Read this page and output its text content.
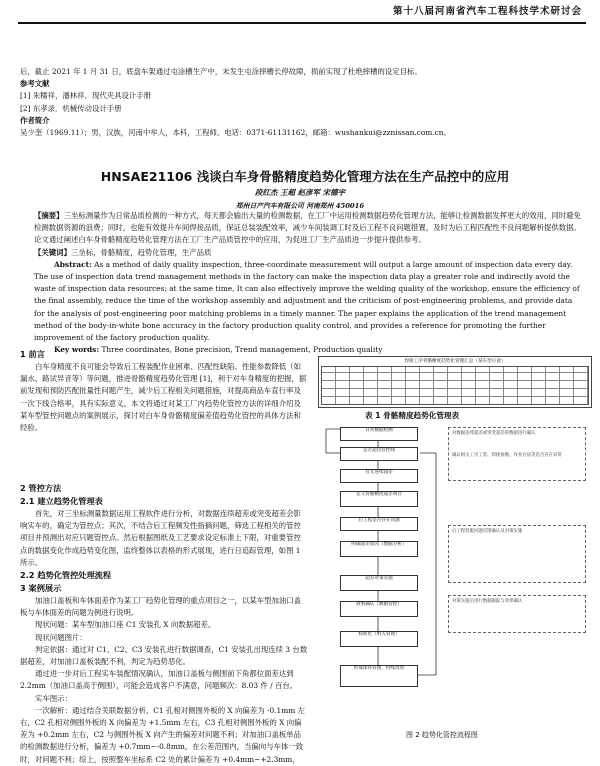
第十八届河南省汽车工程科技学术研讨会

后，截止 2021 年 1 月 31 日，底盘车架通过屯涂槽生产中，未发生屯涂摔槽长停故障，损前实现了杜绝摔槽的设定目标。

参考文献

[1] 朱糯祥，潘林祥．现代夹具设计手册

[2] 东孝录．机械传动设计手册

作者简介

吴少奎（1969.11）；男，汉族，河南中牟人，本科，工程师。电话：0371-61131162，邮箱：wushankui@zznissan.com.cn。

HNSAE21106 浅谈白车身骨骼精度趋势化管理方法在生产品控中的应用
段红杰 王超 赵彦军 宋德宇
郑州日产汽车有限公司 河南郑州 450016

【摘要】三坐标测量作为日常品质检测的一种方式，每天都会输出大量的检测数据，在工厂中运用检测数据趋势化管理方法，能够让检测数据发挥更大的效用，同时避免检测数据资源的浪费；同时，也能有效提升车间焊接品质，保证总装装配效率，减少车间装调工时及后工程不良问题措置，及时为后工程匹配性不良问题解析提供数据。论文通过阐述白车身骨骼精度趋势化管理方法在工厂生产品质管控中的应用，为促进工厂生产品质进一步提升提供参考。

【关键词】三坐标，骨骼精度，趋势化管理，生产品质

Abstract: As a method of daily quality inspection, three-coordinate measurement will output a large amount of inspection data every day. The use of inspection data trend management methods in the factory can make the inspection data play a greater role and indirectly avoid the waste of inspection data resources; at the same time, It can also effectively improve the welding quality of the workshop, ensure the efficiency of the final assembly, reduce the time of the workshop assembly and adjustment and the criticism of post-engineering problems, and provide data for the analysis of post-engineering poor matching problems in a timely manner. The paper explains the application of the trend management method of the body-in-white bone accuracy in the factory production quality control, and provides a reference for promoting the further improvement of the factory production quality.

Key words: Three coordinates, Bone precision, Trend management, Production quality

1 前言

白车身精度不良可能会导致后工程装配作业困难、匹配性缺陷、性能参数降低（如漏水、路试异音等）等问题，推进骨骼精度趋势化管理 [1]，利于对车身精度的把握，据前发现和预防匹配批量性问题产生，减少后工程相关问题措施，对提高商品车直行率及一次下线合格率，具有实际意义。本文将通过对某工厂内趋势化管控方法的详细介绍及某车型管控问题点的案例展示，探讨对白车身骨骼精度偏差值趋势化管控的具体方法和经验。

焊接工序骨骼精度趋势化管理汇总（某车型示意）
表 1 骨骼精度趋势化管理表

2 管控方法

2.1 建立趋势化管理表

首先，对三坐标测量数据运用工程软件进行分析，对数据连续超差或突变超差会影响实车的，确定为管控点；其次，不结合后工程频发性指摘问题，筛选工程相关的管控项目并预测出对应只题管控点。然后根据图纸及工艺要求设定标准上下限，对重要管控点的数据变化作成趋势变化图，监终整体以表格的形式展现，进行日追踪管理，如图 1 所示。

2.2 趋势化管控处理流程

3 案例展示

加油口盖板和车体面差作为某工厂趋势化管理的重点项目之一，以某车型加油口盖板与车体面差的问题为例进行说明。

现状问题：某车型加油口座 C1 安装孔 X 向数据超差。

现状问题图片：

判定依据：通过对 C1、C2、C3 安装孔进行数据调查，C1 安装孔出现连续 3 台数据超差，对加油口盖板装配不利，判定为趋势恶化。

通过进一步对后工程实车装配情况确认，加油口盖板与侧围前下角都位面差达到 2.2mm（加油口盖高于侧围），可能会造成客户不满意，问题频次：8.03 件 / 百台。

实车图示：

一次解析：通过结合关联数据分析，C1 孔相对侧围外板的 X 向偏差为 -0.1mm 左右，C2 孔相对侧围外板的 X 向偏差为 +1.5mm 左右，C3 孔相对侧围外板的 X 向偏差为 +0.2mm 左右，C2 与侧围外板 X 向产生的偏差对问题不利；对加油口盖板单品的检测数据进行分析，偏差为 +0.7mm~-0.8mm，在公差范围内，当偏向与车体一致时，对问题不利；综上，按照整车坐标系 C2 处的累计偏差为 +0.4mm~+2.3mm，

日常数据检测
是否超出管控线
有无连续超差
定义骨骼精度超差项目
后工程是否存在问题
明确超差原因（数据分析）
超差对策实施
效果确认（数据管控）
标准化（纳入管理）
形成闭环管理，持续改进
对数据连续超差或突变超差的数据进行确认
确认相关工序工装、焊接参数、作业方法等是否存在异常
后工程装配问题反馈确认及对策实施
对策实施后进行数据跟踪与效果确认
图 2 趋势化管控流程图
